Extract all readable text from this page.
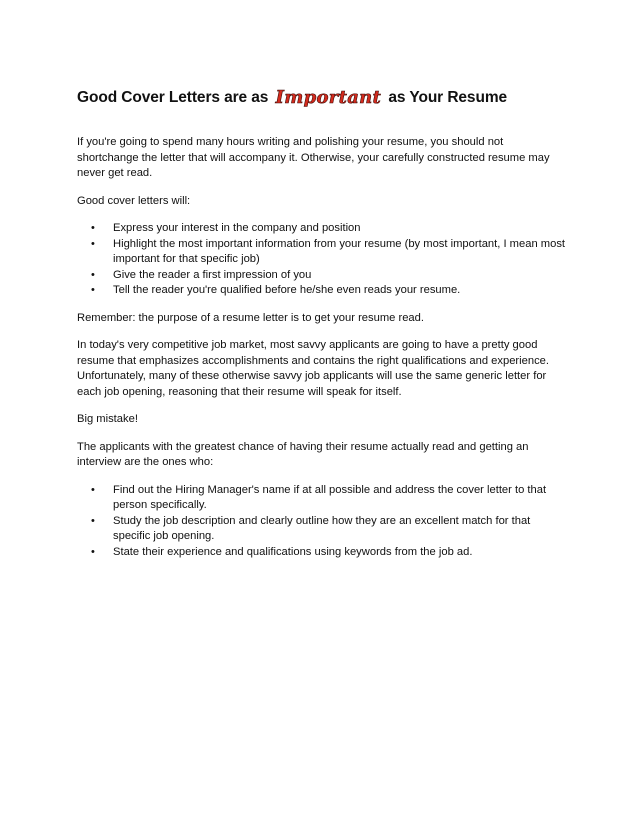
Good Cover Letters are as Important as Your Resume

If you're going to spend many hours writing and polishing your resume, you should not shortchange the letter that will accompany it. Otherwise, your carefully constructed resume may never get read.

Good cover letters will:

• Express your interest in the company and position
• Highlight the most important information from your resume (by most important, I mean most important for that specific job)
• Give the reader a first impression of you
• Tell the reader you're qualified before he/she even reads your resume.

Remember: the purpose of a resume letter is to get your resume read.

In today's very competitive job market, most savvy applicants are going to have a pretty good resume that emphasizes accomplishments and contains the right qualifications and experience. Unfortunately, many of these otherwise savvy job applicants will use the same generic letter for each job opening, reasoning that their resume will speak for itself.

Big mistake!

The applicants with the greatest chance of having their resume actually read and getting an interview are the ones who:

• Find out the Hiring Manager's name if at all possible and address the cover letter to that person specifically.
• Study the job description and clearly outline how they are an excellent match for that specific job opening.
• State their experience and qualifications using keywords from the job ad.
